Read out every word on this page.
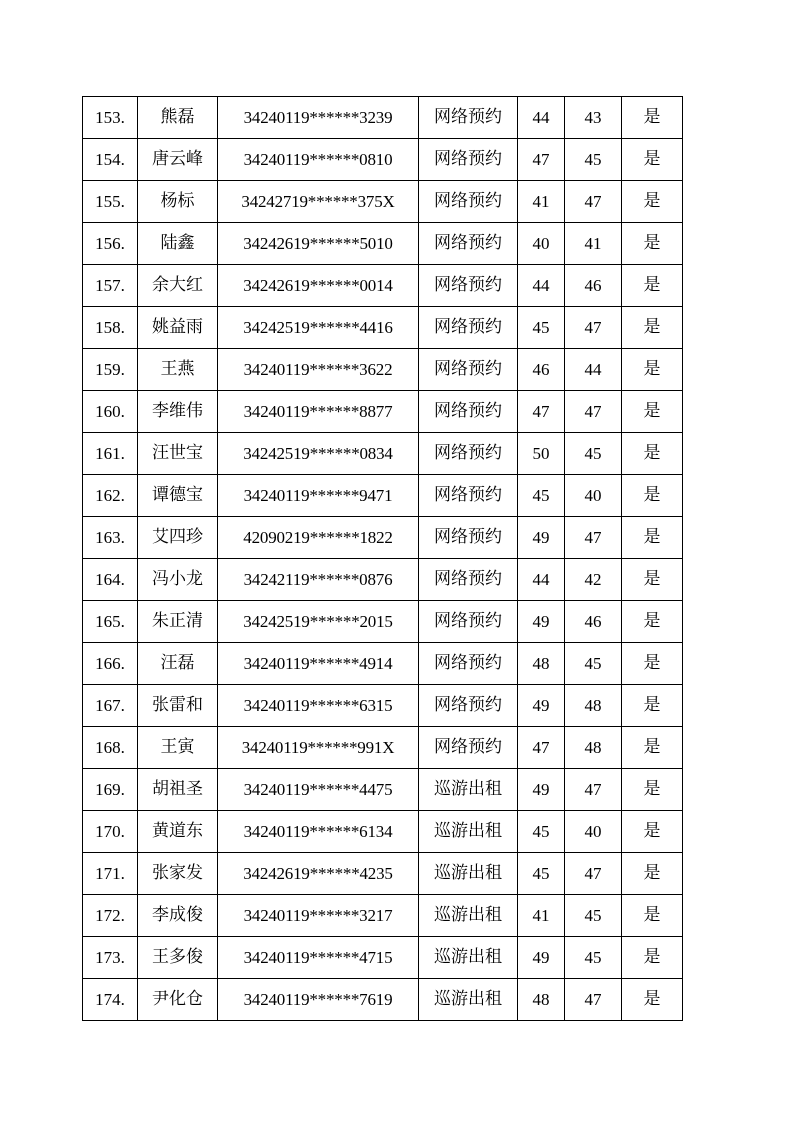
153.	熊磊	34240119******3239	网络预约	44	43	是
154.	唐云峰	34240119******0810	网络预约	47	45	是
155.	杨标	34242719******375X	网络预约	41	47	是
156.	陆鑫	34242619******5010	网络预约	40	41	是
157.	余大红	34242619******0014	网络预约	44	46	是
158.	姚益雨	34242519******4416	网络预约	45	47	是
159.	王燕	34240119******3622	网络预约	46	44	是
160.	李维伟	34240119******8877	网络预约	47	47	是
161.	汪世宝	34242519******0834	网络预约	50	45	是
162.	谭德宝	34240119******9471	网络预约	45	40	是
163.	艾四珍	42090219******1822	网络预约	49	47	是
164.	冯小龙	34242119******0876	网络预约	44	42	是
165.	朱正清	34242519******2015	网络预约	49	46	是
166.	汪磊	34240119******4914	网络预约	48	45	是
167.	张雷和	34240119******6315	网络预约	49	48	是
168.	王寅	34240119******991X	网络预约	47	48	是
169.	胡祖圣	34240119******4475	巡游出租	49	47	是
170.	黄道东	34240119******6134	巡游出租	45	40	是
171.	张家发	34242619******4235	巡游出租	45	47	是
172.	李成俊	34240119******3217	巡游出租	41	45	是
173.	王多俊	34240119******4715	巡游出租	49	45	是
174.	尹化仓	34240119******7619	巡游出租	48	47	是
